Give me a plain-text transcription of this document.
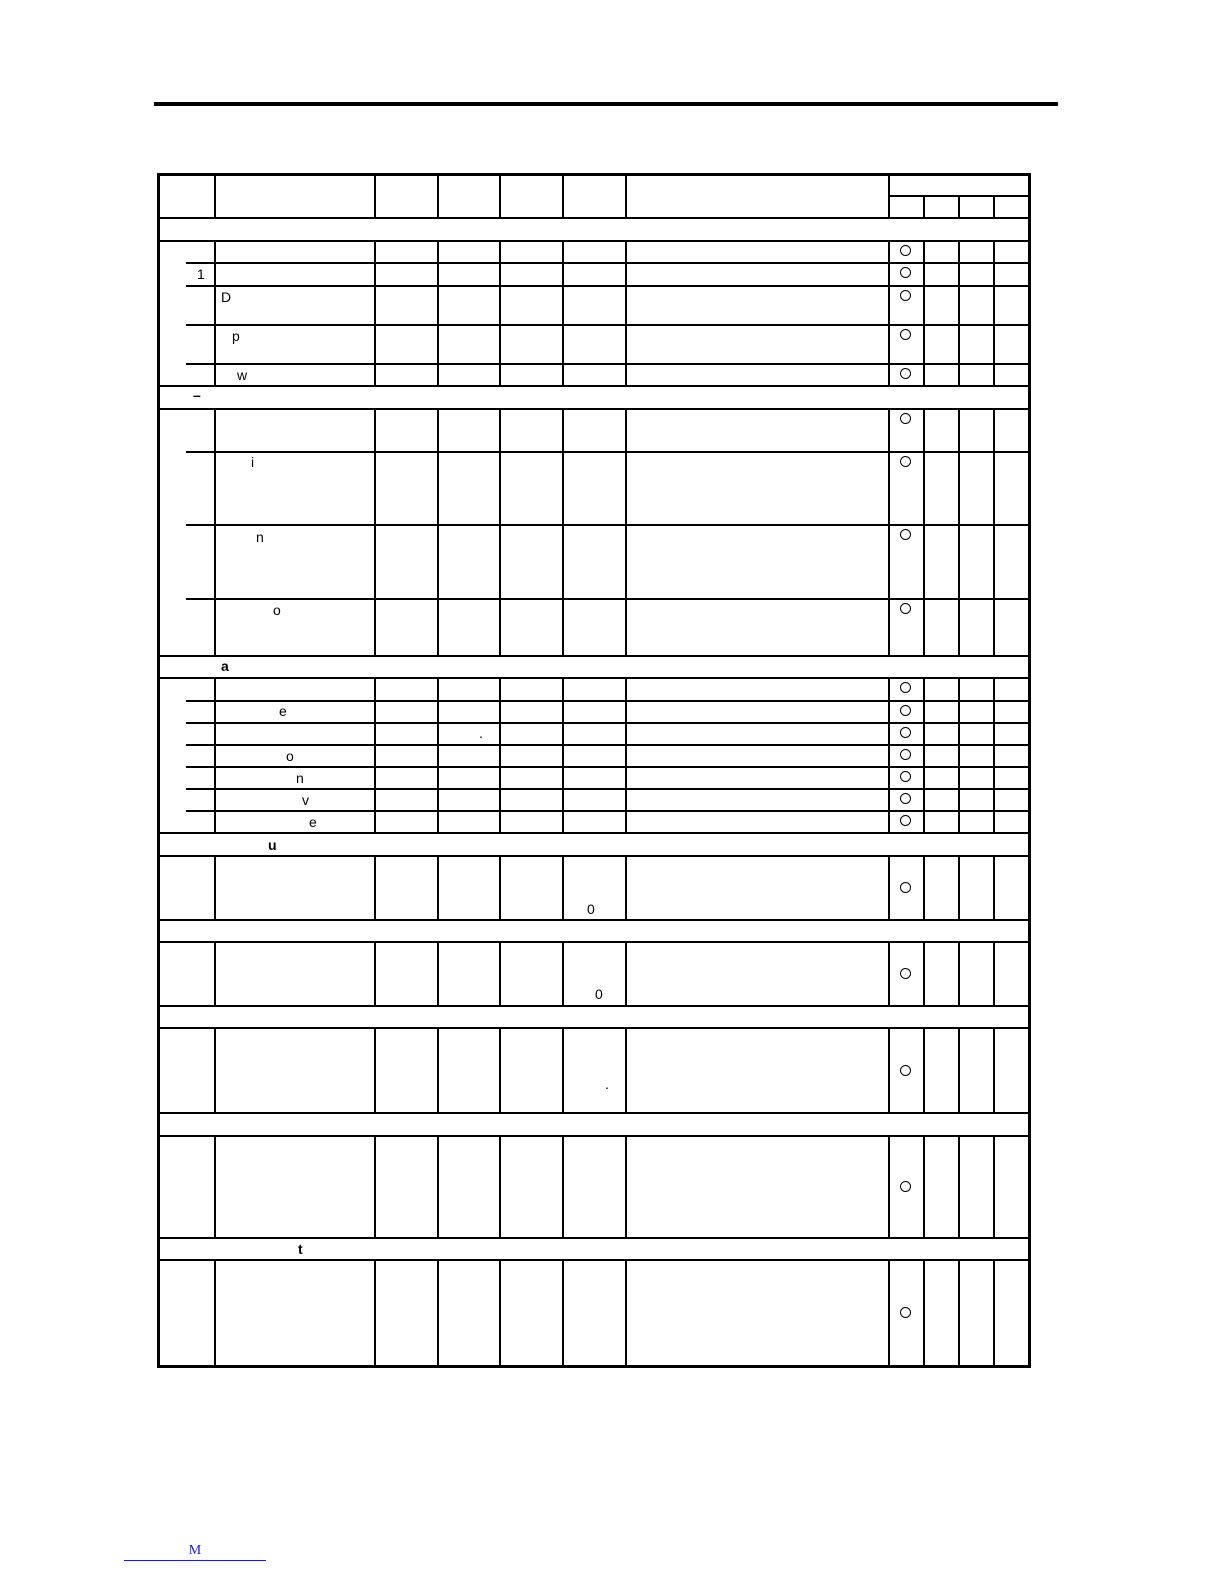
1
D
p
w
–
i
n
o
a
e
.
o
n
v
e
u
0
0
.
t
M
